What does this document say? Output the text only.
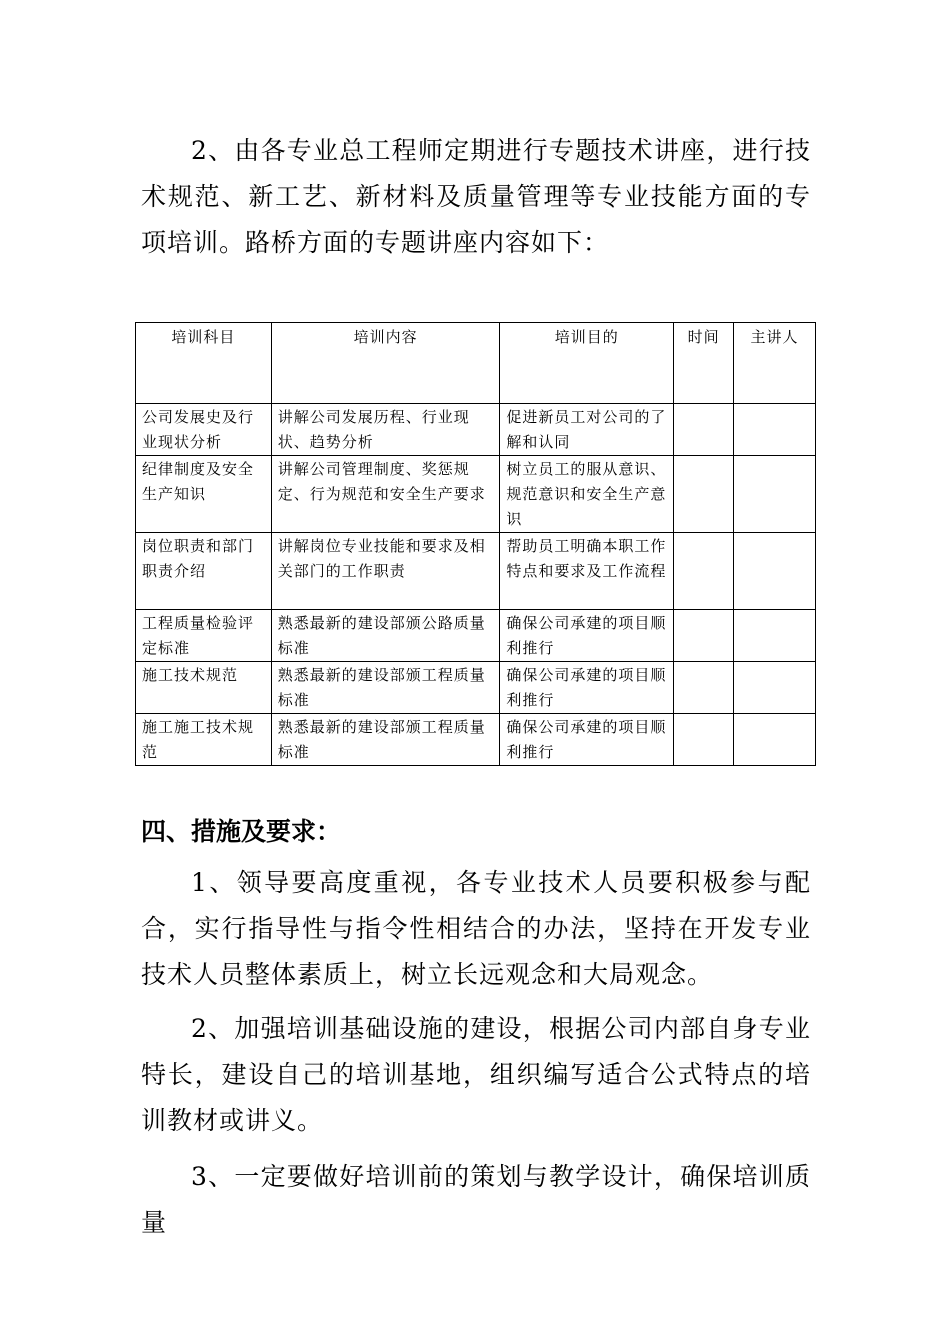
2、由各专业总工程师定期进行专题技术讲座，进行技术规范、新工艺、新材料及质量管理等专业技能方面的专项培训。路桥方面的专题讲座内容如下：

培训科目	培训内容	培训目的	时间	主讲人
公司发展史及行业现状分析	讲解公司发展历程、行业现状、趋势分析	促进新员工对公司的了解和认同		
纪律制度及安全生产知识	讲解公司管理制度、奖惩规定、行为规范和安全生产要求	树立员工的服从意识、规范意识和安全生产意识		
岗位职责和部门职责介绍	讲解岗位专业技能和要求及相关部门的工作职责	帮助员工明确本职工作特点和要求及工作流程		
工程质量检验评定标准	熟悉最新的建设部颁公路质量标准	确保公司承建的项目顺利推行		
施工技术规范	熟悉最新的建设部颁工程质量标准	确保公司承建的项目顺利推行		
施工施工技术规范	熟悉最新的建设部颁工程质量标准	确保公司承建的项目顺利推行		

四、措施及要求：

1、领导要高度重视，各专业技术人员要积极参与配合，实行指导性与指令性相结合的办法，坚持在开发专业技术人员整体素质上，树立长远观念和大局观念。

2、加强培训基础设施的建设，根据公司内部自身专业特长，建设自己的培训基地，组织编写适合公式特点的培训教材或讲义。

3、一定要做好培训前的策划与教学设计，确保培训质量
